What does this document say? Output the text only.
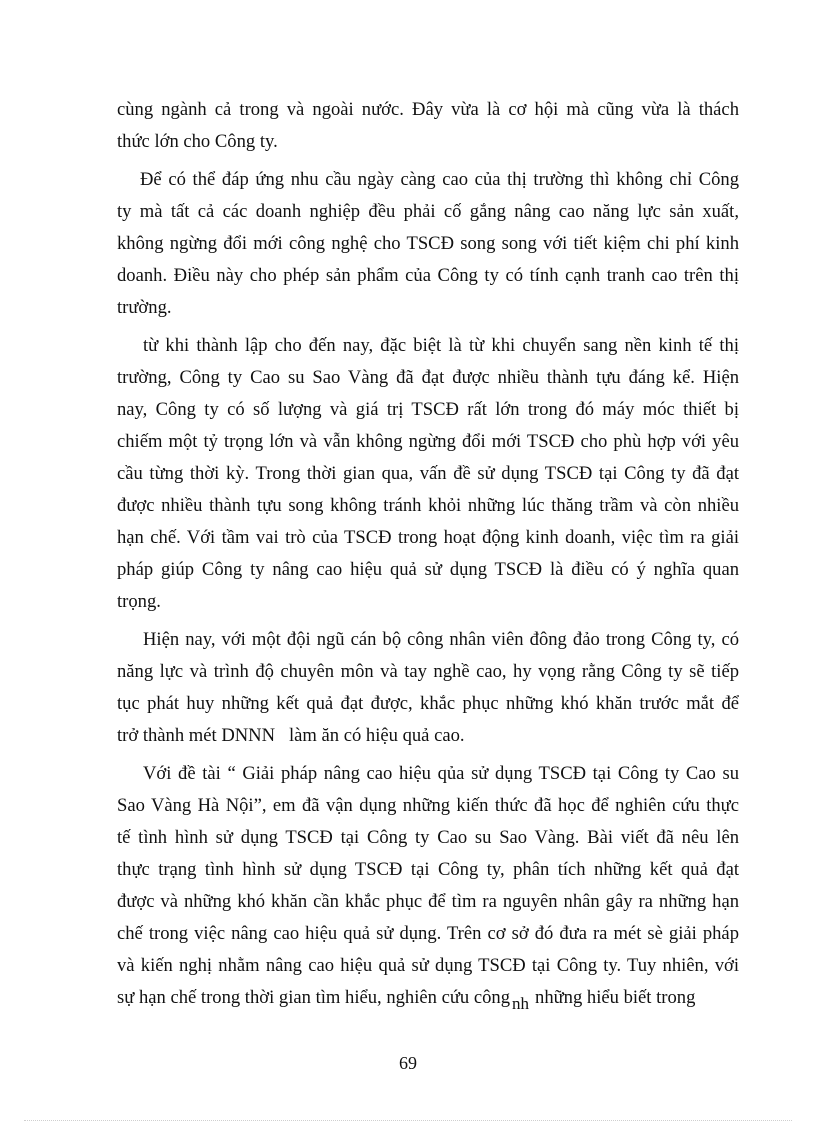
cùng ngành cả trong và ngoài nước. Đây vừa là cơ hội mà cũng vừa là thách
thức lớn cho Công ty.
Để có thể đáp ứng nhu cầu ngày càng cao của thị trường thì không chỉ Công
ty mà tất cả các doanh nghiệp đều phải cố gắng nâng cao năng lực sản xuất,
không ngừng đổi mới công nghệ cho TSCĐ song song với tiết kiệm chi phí kinh
doanh. Điều này cho phép sản phẩm của Công ty có tính cạnh tranh cao trên thị
trường.
từ khi thành lập cho đến nay, đặc biệt là từ khi chuyển sang nền kinh tế thị
trường, Công ty Cao su Sao Vàng đã đạt được nhiều thành tựu đáng kể. Hiện
nay, Công ty có số lượng và giá trị TSCĐ rất lớn trong đó máy móc thiết bị
chiếm một tỷ trọng lớn và vẫn không ngừng đổi mới TSCĐ cho phù hợp với yêu
cầu từng thời kỳ. Trong thời gian qua, vấn đề sử dụng TSCĐ tại Công ty đã đạt
được nhiều thành tựu song không tránh khỏi những lúc thăng trầm và còn nhiều
hạn chế. Với tầm vai trò của TSCĐ trong hoạt động kinh doanh, việc tìm ra giải
pháp giúp Công ty nâng cao hiệu quả sử dụng TSCĐ là điều có ý nghĩa quan
trọng.
Hiện nay, với một đội ngũ cán bộ công nhân viên đông đảo trong Công ty, có
năng lực và trình độ chuyên môn và tay nghề cao, hy vọng rằng Công ty sẽ tiếp
tục phát huy những kết quả đạt được, khắc phục những khó khăn trước mắt để
trở thành mét DNNN   làm ăn có hiệu quả cao.
Với đề tài “ Giải pháp nâng cao hiệu qủa sử dụng TSCĐ tại Công ty Cao su
Sao Vàng Hà Nội”, em đã vận dụng những kiến thức đã học để nghiên cứu thực
tế tình hình sử dụng TSCĐ tại Công ty Cao su Sao Vàng. Bài viết đã nêu lên
thực trạng tình hình sử dụng TSCĐ tại Công ty, phân tích những kết quả đạt
được và những khó khăn cần khắc phục để tìm ra nguyên nhân gây ra những hạn
chế trong việc nâng cao hiệu quả sử dụng. Trên cơ sở đó đưa ra mét sè giải pháp
và kiến nghị nhằm nâng cao hiệu quả sử dụng TSCĐ tại Công ty. Tuy nhiên, với
sự hạn chế trong thời gian tìm hiểu, nghiên cứu công nh những hiểu biết trong
69
